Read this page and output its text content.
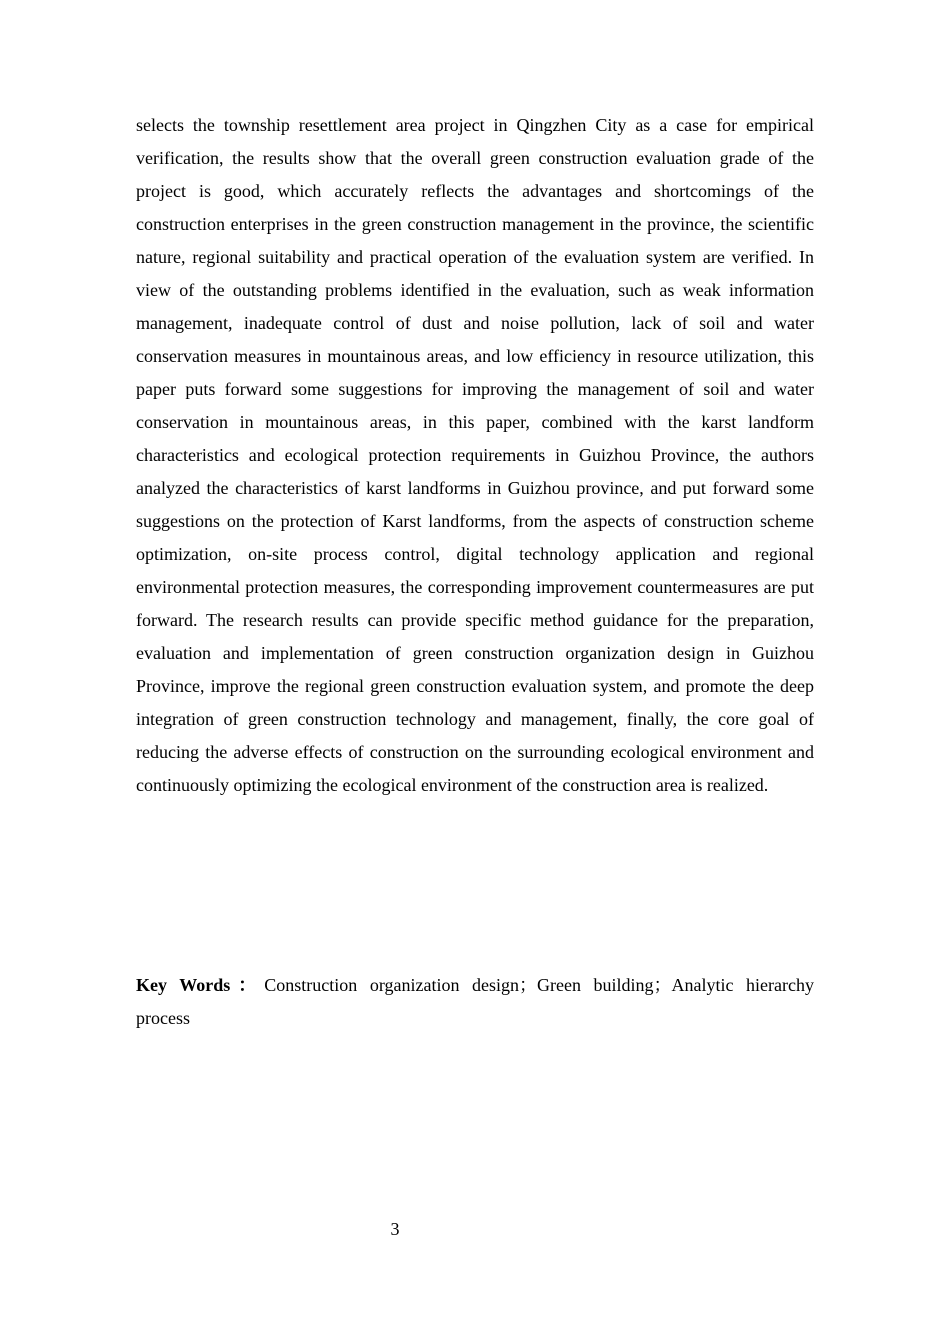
selects the township resettlement area project in Qingzhen City as a case for empirical verification, the results show that the overall green construction evaluation grade of the project is good, which accurately reflects the advantages and shortcomings of the construction enterprises in the green construction management in the province, the scientific nature, regional suitability and practical operation of the evaluation system are verified. In view of the outstanding problems identified in the evaluation, such as weak information management, inadequate control of dust and noise pollution, lack of soil and water conservation measures in mountainous areas, and low efficiency in resource utilization, this paper puts forward some suggestions for improving the management of soil and water conservation in mountainous areas, in this paper, combined with the karst landform characteristics and ecological protection requirements in Guizhou Province, the authors analyzed the characteristics of karst landforms in Guizhou province, and put forward some suggestions on the protection of Karst landforms, from the aspects of construction scheme optimization, on-site process control, digital technology application and regional environmental protection measures, the corresponding improvement countermeasures are put forward. The research results can provide specific method guidance for the preparation, evaluation and implementation of green construction organization design in Guizhou Province, improve the regional green construction evaluation system, and promote the deep integration of green construction technology and management, finally, the core goal of reducing the adverse effects of construction on the surrounding ecological environment and continuously optimizing the ecological environment of the construction area is realized.

Key Words：Construction organization design；Green building；Analytic hierarchy process

3
